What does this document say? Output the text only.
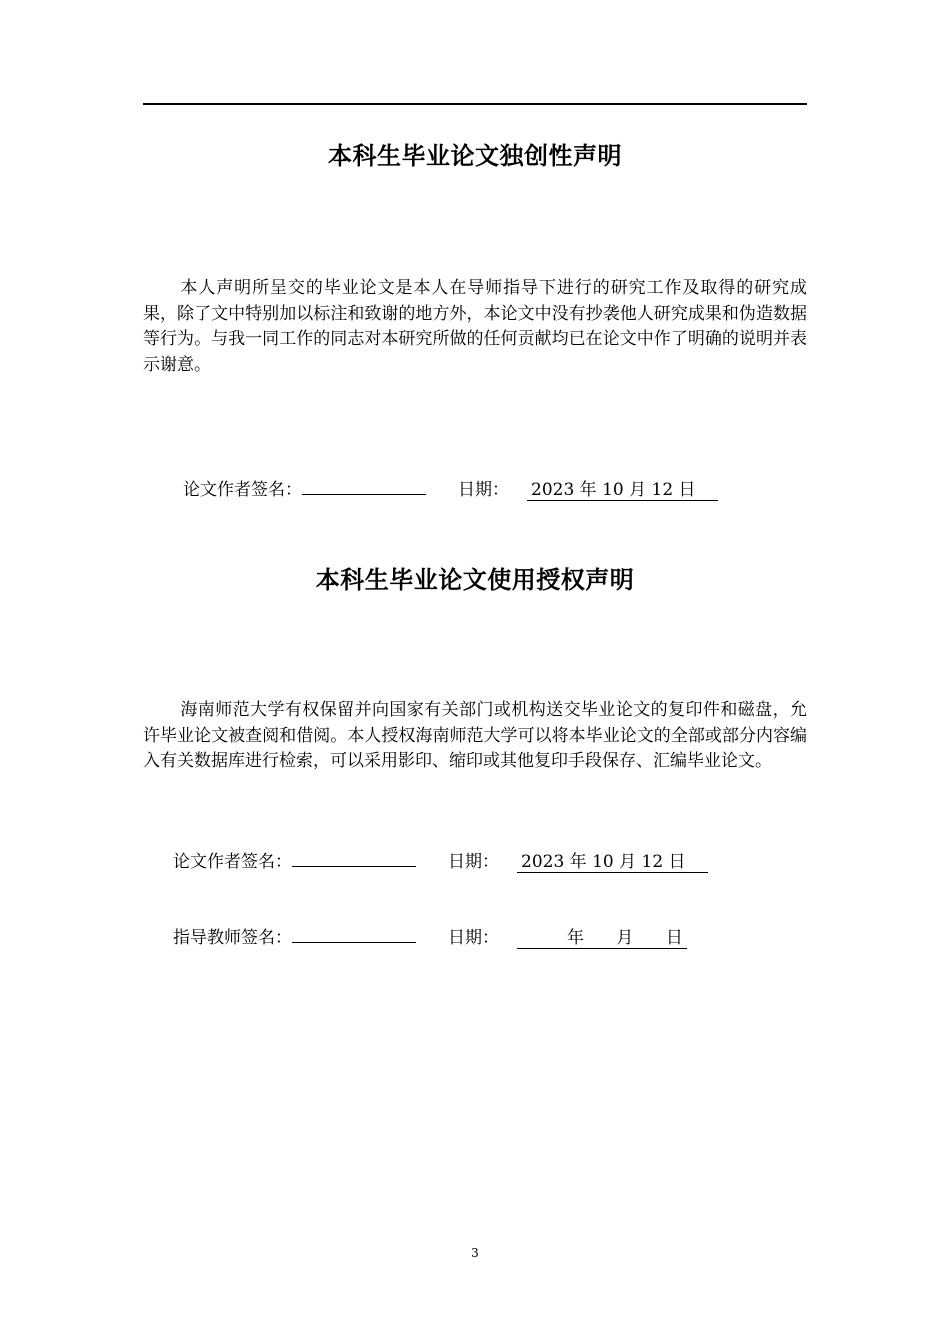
本科生毕业论文独创性声明

本人声明所呈交的毕业论文是本人在导师指导下进行的研究工作及取得的研究成果，除了文中特别加以标注和致谢的地方外，本论文中没有抄袭他人研究成果和伪造数据等行为。与我一同工作的同志对本研究所做的任何贡献均已在论文中作了明确的说明并表示谢意。

论文作者签名：	日期： 2023 年 10 月 12 日
本科生毕业论文使用授权声明

海南师范大学有权保留并向国家有关部门或机构送交毕业论文的复印件和磁盘，允许毕业论文被查阅和借阅。本人授权海南师范大学可以将本毕业论文的全部或部分内容编入有关数据库进行检索，可以采用影印、缩印或其他复印手段保存、汇编毕业论文。

论文作者签名：	日期： 2023 年 10 月 12 日
指导教师签名：	日期：	年      月      日
3
